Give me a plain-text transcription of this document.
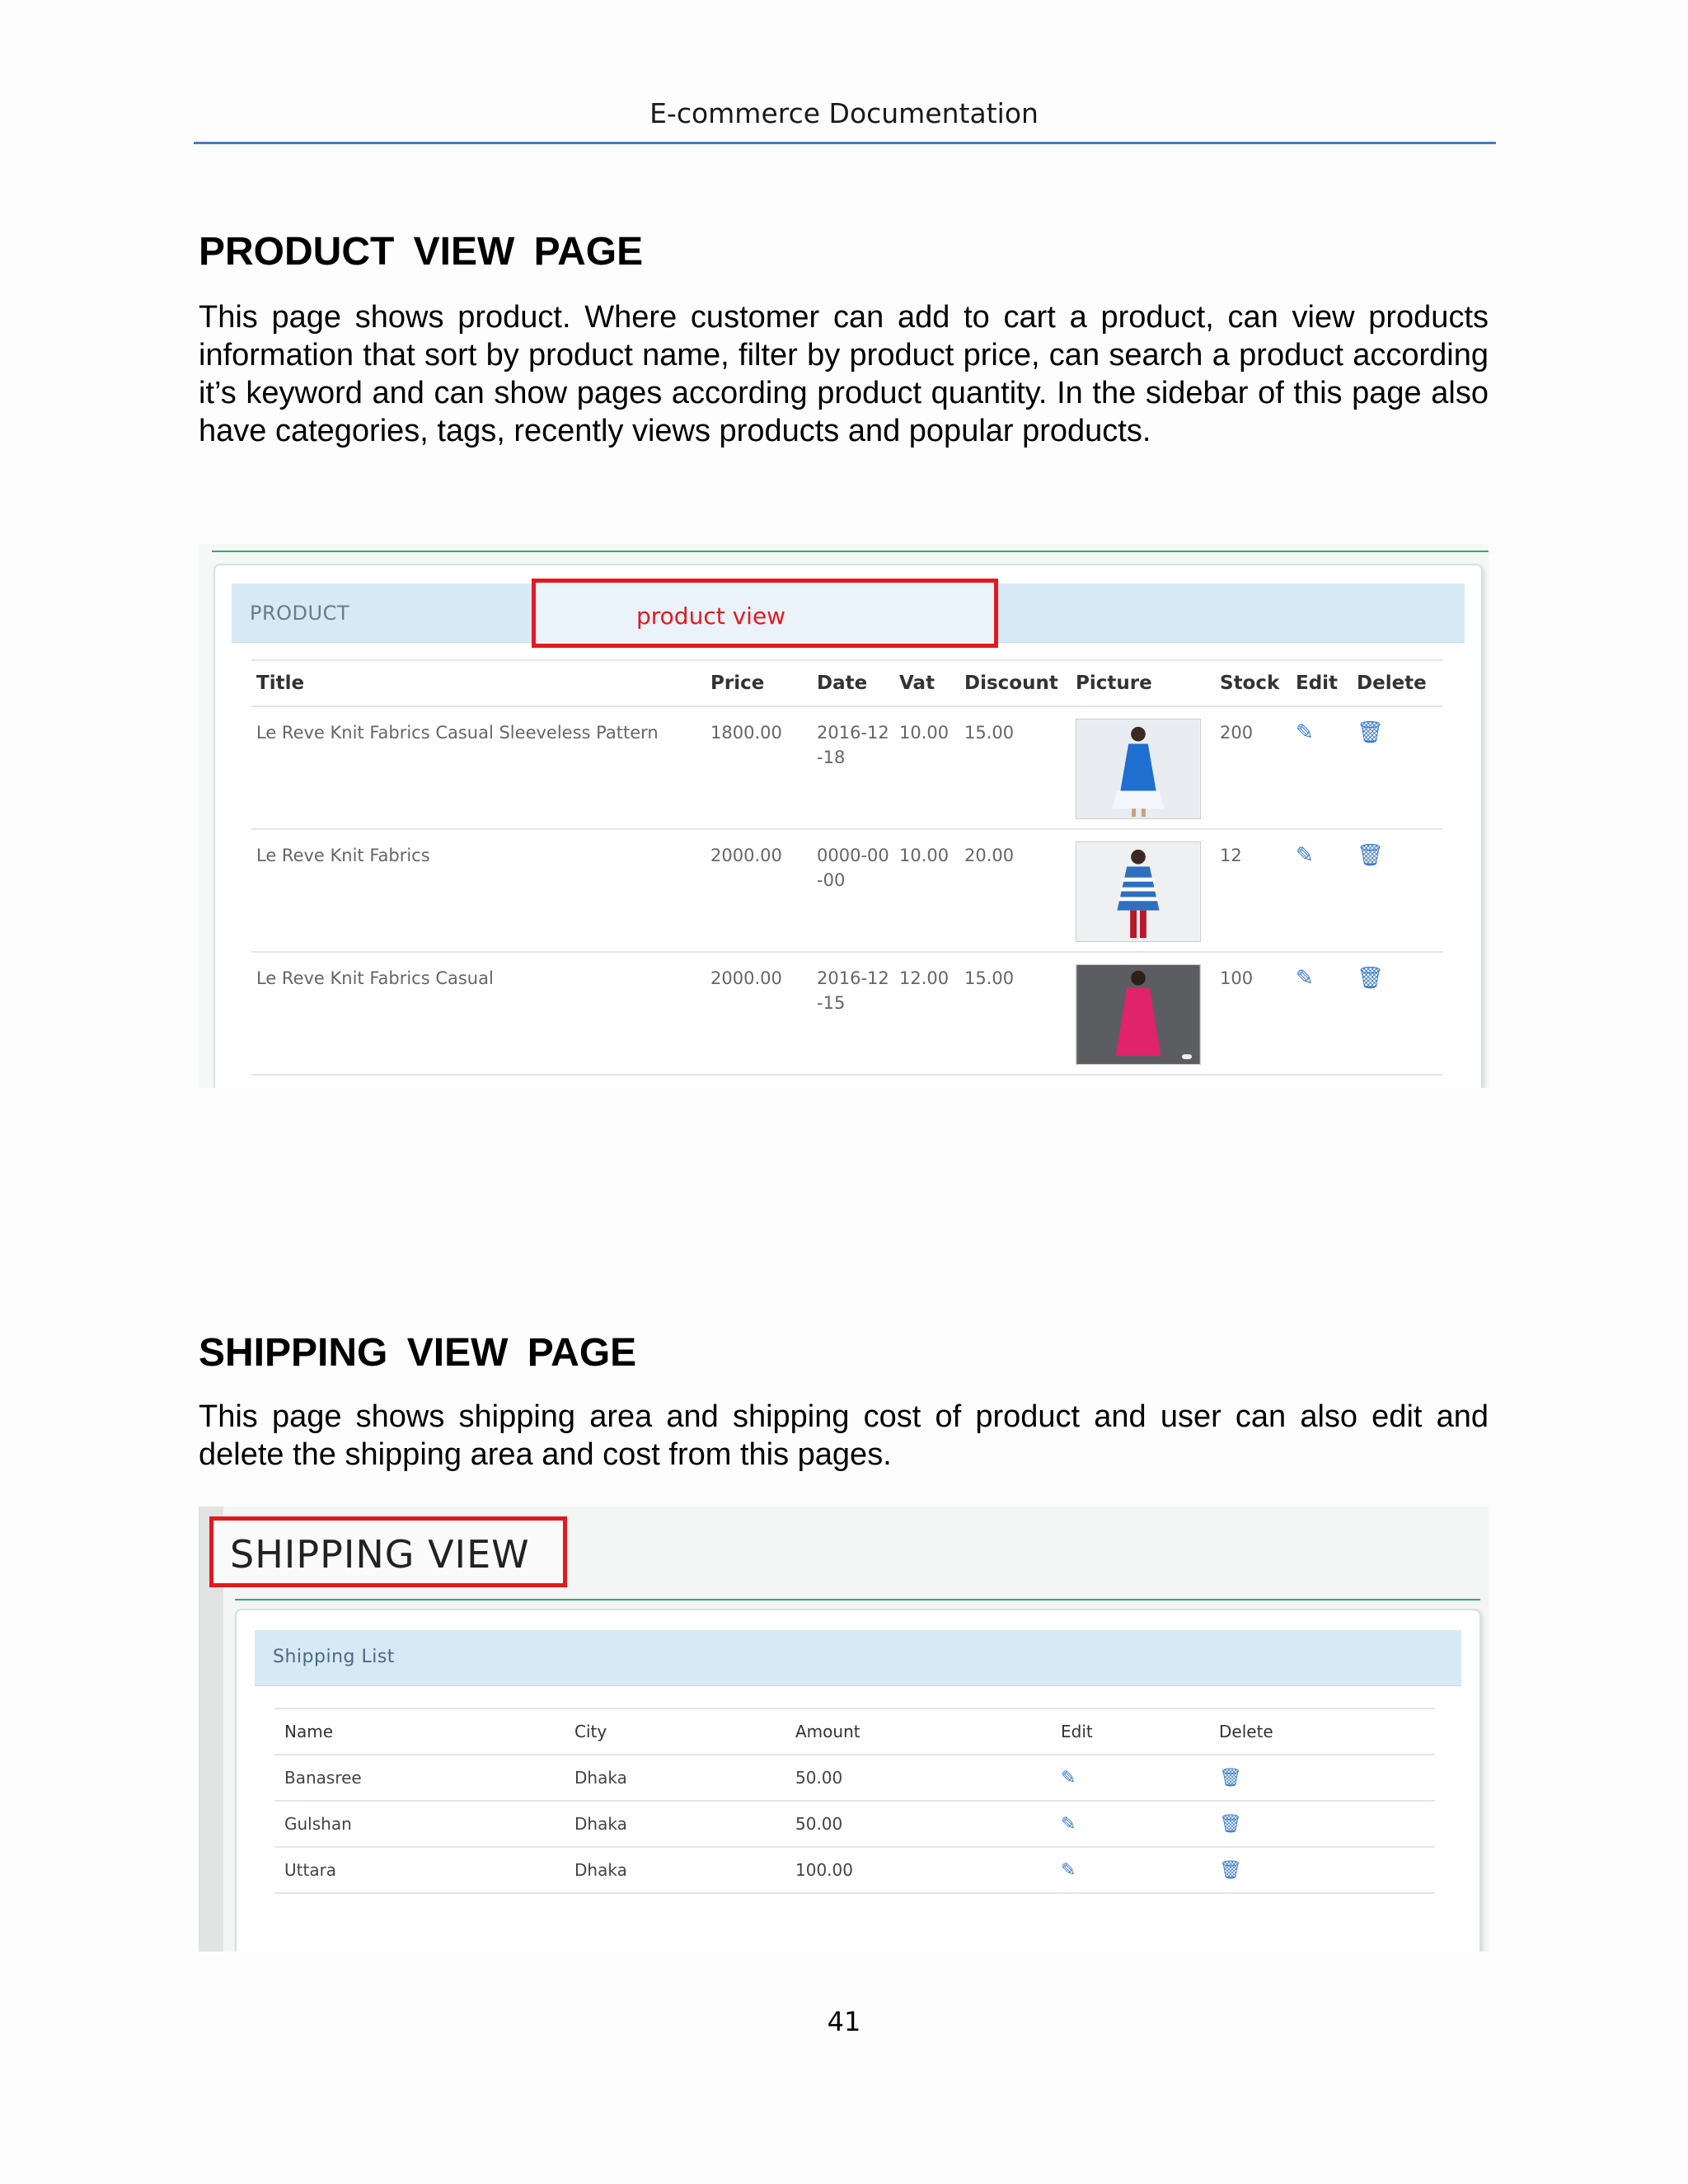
E-commerce Documentation
PRODUCT VIEW PAGE

This page shows product. Where customer can add to cart a product, can view products information that sort by product name, filter by product price, can search a product according it’s keyword and can show pages according product quantity. In the sidebar of this page also have categories, tags, recently views products and popular products.

PRODUCT	product view
Title	Price	Date	Vat	Discount	Picture	Stock	Edit	Delete
Le Reve Knit Fabrics Casual Sleeveless Pattern	1800.00	2016-12-18	10.00	15.00		200	✎	🗑
Le Reve Knit Fabrics	2000.00	0000-00-00	10.00	20.00		12	✎	🗑
Le Reve Knit Fabrics Casual	2000.00	2016-12-15	12.00	15.00		100	✎	🗑
SHIPPING VIEW PAGE

This page shows shipping area and shipping cost of product and user can also edit and delete the shipping area and cost from this pages.

SHIPPING VIEW
Shipping List
Name	City	Amount	Edit	Delete
Banasree	Dhaka	50.00	✎	🗑
Gulshan	Dhaka	50.00	✎	🗑
Uttara	Dhaka	100.00	✎	🗑
41
